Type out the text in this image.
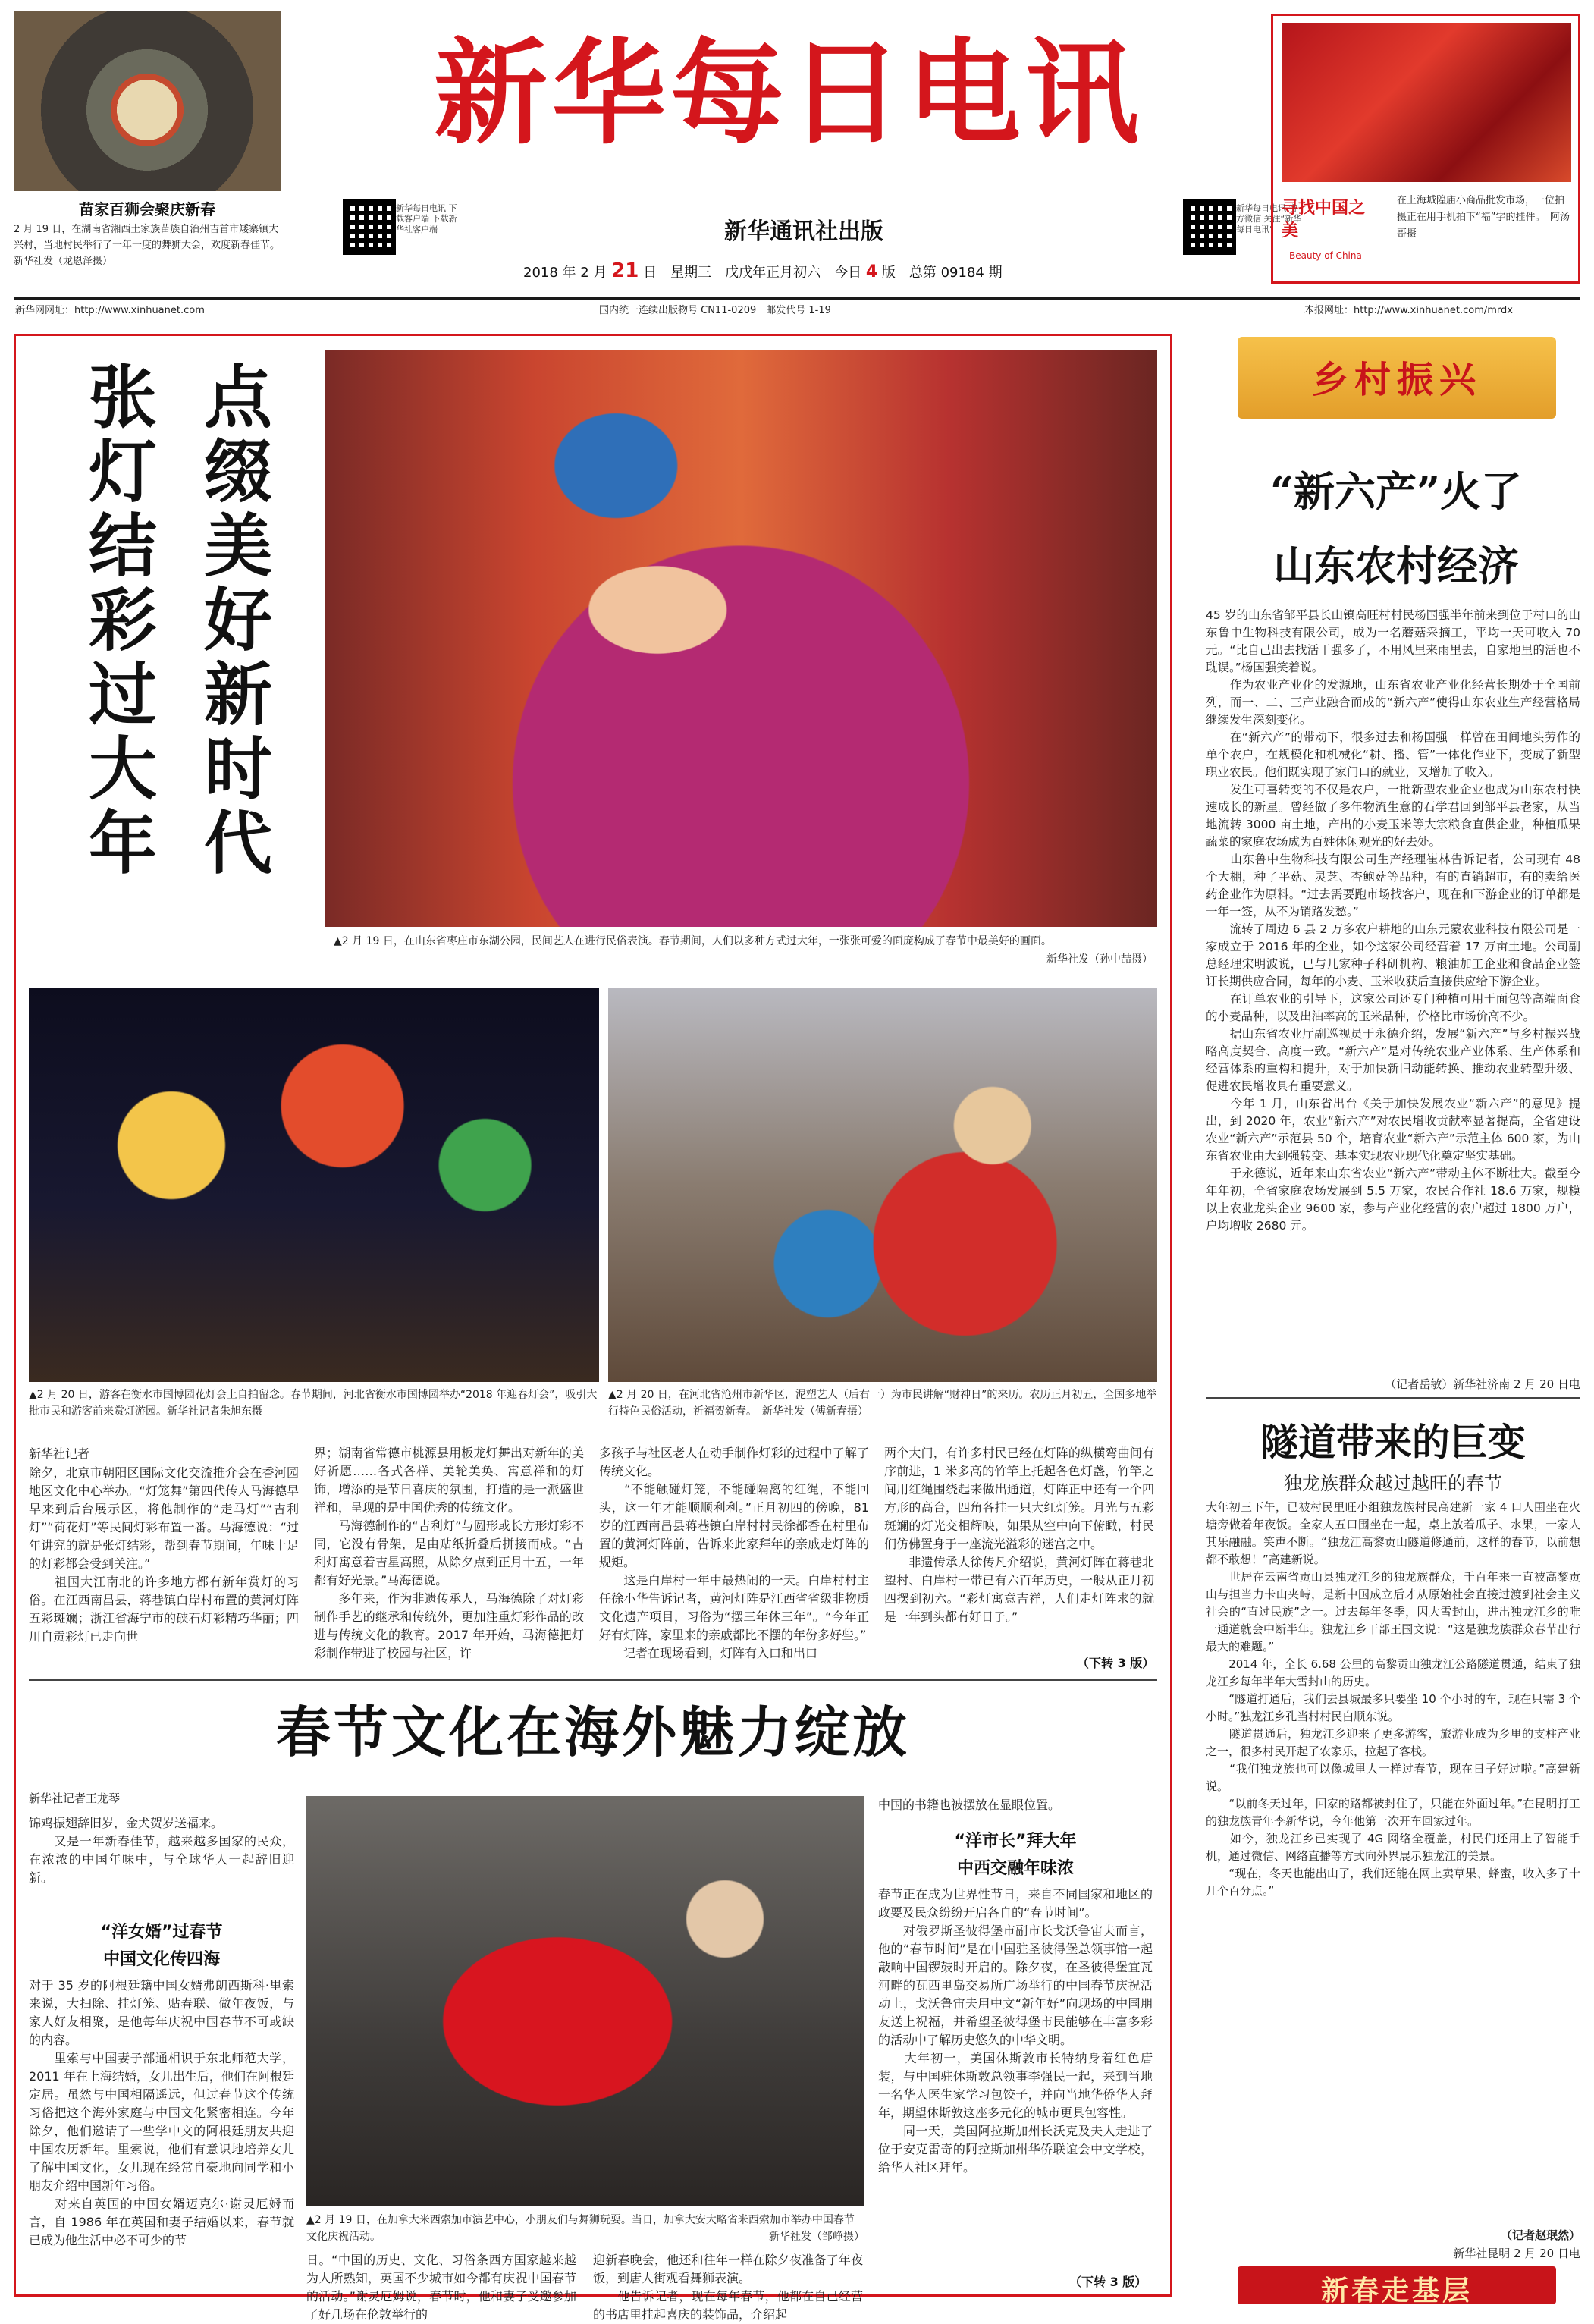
苗家百狮会聚庆新春
2 月 19 日，在湖南省湘西土家族苗族自治州吉首市矮寨镇大兴村，当地村民举行了一年一度的舞狮大会，欢度新春佳节。新华社发（龙恩泽摄）
新华每日电讯
新华每日电讯 下载客户端 下载新华社客户端	新华通讯社出版
新华每日电讯 官方微信 关注“新华每日电讯”
2018 年 2 月 21 日　星期三　戊戌年正月初六　今日 4 版　总第 09184 期
寻找中国之美
Beauty of China
在上海城隍庙小商品批发市场，一位拍摄正在用手机拍下“福”字的挂件。　阿汤哥摄
新华网网址：http://www.xinhuanet.com	国内统一连续出版物号 CN11-0209　邮发代号 1-19	本报网址：http://www.xinhuanet.com/mrdx
点缀美好新时代
张灯结彩过大年
▲2 月 19 日，在山东省枣庄市东湖公园，民间艺人在进行民俗表演。春节期间，人们以多种方式过大年，一张张可爱的面庞构成了春节中最美好的画面。
新华社发（孙中喆摄）
▲2 月 20 日，游客在衡水市国博园花灯会上自拍留念。春节期间，河北省衡水市国博园举办“2018 年迎春灯会”，吸引大批市民和游客前来赏灯游园。新华社记者朱旭东摄
▲2 月 20 日，在河北省沧州市新华区，泥塑艺人（后右一）为市民讲解“财神日”的来历。农历正月初五，全国多地举行特色民俗活动，祈福贺新春。　新华社发（傅新春摄）
新华社记者
除夕，北京市朝阳区国际文化交流推介会在香河园地区文化中心举办。“灯笼舞”第四代传人马海德早早来到后台展示区，将他制作的“走马灯”“吉利灯”“荷花灯”等民间灯彩布置一番。马海德说：“过年讲究的就是张灯结彩，帮到春节期间，年味十足的灯彩都会受到关注。”
　　祖国大江南北的许多地方都有新年赏灯的习俗。在江西南昌县，蒋巷镇白岸村布置的黄河灯阵五彩斑斓；浙江省海宁市的硖石灯彩精巧华丽；四川自贡彩灯已走向世
界；湖南省常德市桃源县用板龙灯舞出对新年的美好祈愿……各式各样、美轮美奂、寓意祥和的灯饰，增添的是节日喜庆的氛围，打造的是一派盛世祥和，呈现的是中国优秀的传统文化。
　　马海德制作的“吉利灯”与圆形或长方形灯彩不同，它没有骨架，是由贴纸折叠后拼接而成。“吉利灯寓意着吉星高照，从除夕点到正月十五，一年都有好光景。”马海德说。
　　多年来，作为非遗传承人，马海德除了对灯彩制作手艺的继承和传统外，更加注重灯彩作品的改进与传统文化的教育。2017 年开始，马海德把灯彩制作带进了校园与社区，许
多孩子与社区老人在动手制作灯彩的过程中了解了传统文化。
　　“不能触碰灯笼，不能碰隔离的红绳，不能回头，这一年才能顺顺利利。”正月初四的傍晚，81 岁的江西南昌县蒋巷镇白岸村村民徐都香在村里布置的黄河灯阵前，告诉来此家拜年的亲戚走灯阵的规矩。
　　这是白岸村一年中最热闹的一天。白岸村村主任徐小华告诉记者，黄河灯阵是江西省省级非物质文化遗产项目，习俗为“摆三年休三年”。“今年正好有灯阵，家里来的亲戚都比不摆的年份多好些。”
　　记者在现场看到，灯阵有入口和出口
两个大门，有许多村民已经在灯阵的纵横弯曲间有序前进，1 米多高的竹竿上托起各色灯盏，竹竿之间用红绳围绕起来做出通道，灯阵正中还有一个四方形的高台，四角各挂一只大红灯笼。月光与五彩斑斓的灯光交相辉映，如果从空中向下俯瞰，村民们仿佛置身于一座流光溢彩的迷宫之中。
　　非遗传承人徐传凡介绍说，黄河灯阵在蒋巷北望村、白岸村一带已有六百年历史，一般从正月初四摆到初六。“彩灯寓意吉祥，人们走灯阵求的就是一年到头都有好日子。”
（下转 3 版）
春节文化在海外魅力绽放
新华社记者王龙琴
锦鸡振翅辞旧岁，金犬贺岁送福来。
　　又是一年新春佳节，越来越多国家的民众，在浓浓的中国年味中，与全球华人一起辞旧迎新。
“洋女婿”过春节
中国文化传四海
对于 35 岁的阿根廷籍中国女婿弗朗西斯科·里索来说，大扫除、挂灯笼、贴春联、做年夜饭，与家人好友相聚，是他每年庆祝中国春节不可或缺的内容。
　　里索与中国妻子部通相识于东北师范大学，2011 年在上海结婚，女儿出生后，他们在阿根廷定居。虽然与中国相隔遥远，但过春节这个传统习俗把这个海外家庭与中国文化紧密相连。今年除夕，他们邀请了一些学中文的阿根廷朋友共迎中国农历新年。里索说，他们有意识地培养女儿了解中国文化，女儿现在经常自豪地向同学和小朋友介绍中国新年习俗。
　　对来自英国的中国女婿迈克尔·谢灵厄姆而言，自 1986 年在英国和妻子结婚以来，春节就已成为他生活中必不可少的节
▲2 月 19 日，在加拿大米西索加市演艺中心，小朋友们与舞狮玩耍。当日，加拿大安大略省米西索加市举办中国春节文化庆祝活动。	新华社发（邹峥摄）
日。“中国的历史、文化、习俗条西方国家越来越为人所熟知，英国不少城市如今都有庆祝中国春节的活动。”谢灵厄姆说，春节时，他和妻子受邀参加了好几场在伦敦举行的
迎新春晚会，他还和往年一样在除夕夜准备了年夜饭，到唐人街观看舞狮表演。
　　他告诉记者，现在每年春节，他都在自己经营的书店里挂起喜庆的装饰品，介绍起
中国的书籍也被摆放在显眼位置。
“洋市长”拜大年
中西交融年味浓
春节正在成为世界性节日，来自不同国家和地区的政要及民众纷纷开启各自的“春节时间”。
　　对俄罗斯圣彼得堡市副市长戈沃鲁宙夫而言，他的“春节时间”是在中国驻圣彼得堡总领事馆一起敲响中国锣鼓时开启的。除夕夜，在圣彼得堡宜瓦河畔的瓦西里岛交易所广场举行的中国春节庆祝活动上，戈沃鲁宙夫用中文“新年好”向现场的中国朋友送上祝福，并希望圣彼得堡市民能够在丰富多彩的活动中了解历史悠久的中华文明。
　　大年初一，美国休斯敦市长特纳身着红色唐装，与中国驻休斯敦总领事李强民一起，来到当地一名华人医生家学习包饺子，并向当地华侨华人拜年，期望休斯敦这座多元化的城市更具包容性。
　　同一天，美国阿拉斯加州长沃克及夫人走进了位于安克雷奇的阿拉斯加州华侨联谊会中文学校，给华人社区拜年。
（下转 3 版）
乡村振兴
“新六产”火了
山东农村经济
45 岁的山东省邹平县长山镇高旺村村民杨国强半年前来到位于村口的山东鲁中生物科技有限公司，成为一名蘑菇采摘工，平均一天可收入 70 元。“比自己出去找活干强多了，不用风里来雨里去，自家地里的活也不耽误。”杨国强笑着说。
　　作为农业产业化的发源地，山东省农业产业化经营长期处于全国前列，而一、二、三产业融合而成的“新六产”使得山东农业生产经营格局继续发生深刻变化。
　　在“新六产”的带动下，很多过去和杨国强一样曾在田间地头劳作的单个农户，在规模化和机械化“耕、播、管”一体化作业下，变成了新型职业农民。他们既实现了家门口的就业，又增加了收入。
　　发生可喜转变的不仅是农户，一批新型农业企业也成为山东农村快速成长的新星。曾经做了多年物流生意的石学君回到邹平县老家，从当地流转 3000 亩土地，产出的小麦玉米等大宗粮食直供企业，种植瓜果蔬菜的家庭农场成为百姓休闲观光的好去处。
　　山东鲁中生物科技有限公司生产经理崔林告诉记者，公司现有 48 个大棚，种了平菇、灵芝、杏鲍菇等品种，有的直销超市，有的卖给医药企业作为原料。“过去需要跑市场找客户，现在和下游企业的订单都是一年一签，从不为销路发愁。”
　　流转了周边 6 县 2 万多农户耕地的山东元蒙农业科技有限公司是一家成立于 2016 年的企业，如今这家公司经营着 17 万亩土地。公司副总经理宋明波说，已与几家种子科研机构、粮油加工企业和食品企业签订长期供应合同，每年的小麦、玉米收获后直接供应给下游企业。
　　在订单农业的引导下，这家公司还专门种植可用于面包等高端面食的小麦品种，以及出油率高的玉米品种，价格比市场价高不少。
　　据山东省农业厅副巡视员于永德介绍，发展“新六产”与乡村振兴战略高度契合、高度一致。“新六产”是对传统农业产业体系、生产体系和经营体系的重构和提升，对于加快新旧动能转换、推动农业转型升级、促进农民增收具有重要意义。
　　今年 1 月，山东省出台《关于加快发展农业“新六产”的意见》提出，到 2020 年，农业“新六产”对农民增收贡献率显著提高，全省建设农业“新六产”示范县 50 个，培育农业“新六产”示范主体 600 家，为山东省农业由大到强转变、基本实现农业现代化奠定坚实基础。
　　于永德说，近年来山东省农业“新六产”带动主体不断壮大。截至今年年初，全省家庭农场发展到 5.5 万家，农民合作社 18.6 万家，规模以上农业龙头企业 9600 家，参与产业化经营的农户超过 1800 万户，户均增收 2680 元。
（记者岳敏）新华社济南 2 月 20 日电
隧道带来的巨变
独龙族群众越过越旺的春节
大年初三下午，已被村民里旺小组独龙族村民高建新一家 4 口人围坐在火塘旁做着年夜饭。全家人五口围坐在一起，桌上放着瓜子、水果，一家人其乐融融。笑声不断。“独龙江高黎贡山隧道修通前，这样的春节，以前想都不敢想！”高建新说。
　　世居在云南省贡山县独龙江乡的独龙族群众，千百年来一直被高黎贡山与担当力卡山夹峙，是新中国成立后才从原始社会直接过渡到社会主义社会的“直过民族”之一。过去每年冬季，因大雪封山，进出独龙江乡的唯一通道就会中断半年。独龙江乡干部王国文说：“这是独龙族群众春节出行最大的难题。”
　　2014 年，全长 6.68 公里的高黎贡山独龙江公路隧道贯通，结束了独龙江乡每年半年大雪封山的历史。
　　“隧道打通后，我们去县城最多只要坐 10 个小时的车，现在只需 3 个小时。”独龙江乡孔当村村民白顺东说。
　　隧道贯通后，独龙江乡迎来了更多游客，旅游业成为乡里的支柱产业之一，很多村民开起了农家乐，拉起了客栈。
　　“我们独龙族也可以像城里人一样过春节，现在日子好过啦。”高建新说。
　　“以前冬天过年，回家的路都被封住了，只能在外面过年。”在昆明打工的独龙族青年李新华说，今年他第一次开车回家过年。
　　如今，独龙江乡已实现了 4G 网络全覆盖，村民们还用上了智能手机，通过微信、网络直播等方式向外界展示独龙江的美景。
　　“现在，冬天也能出山了，我们还能在网上卖草果、蜂蜜，收入多了十几个百分点。”
（记者赵珉然）
新华社昆明 2 月 20 日电
新春走基层
